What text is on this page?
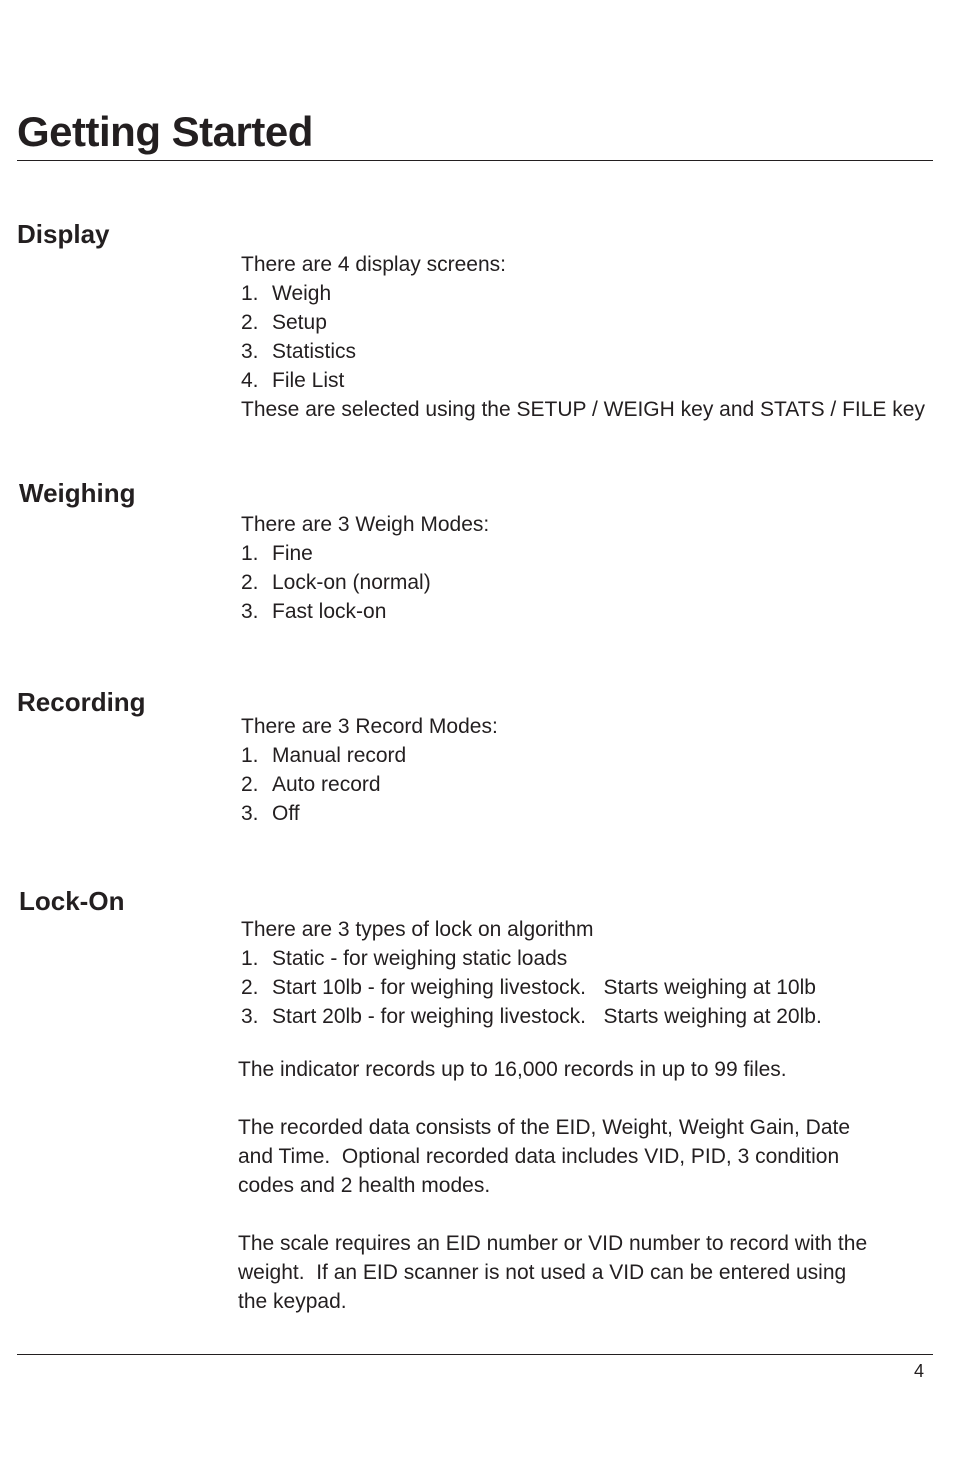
Getting Started
Display
There are 4 display screens:
1. Weigh
2. Setup
3. Statistics
4. File List
These are selected using the SETUP / WEIGH key and STATS / FILE key
Weighing
There are 3 Weigh Modes:
1. Fine
2. Lock-on (normal)
3. Fast lock-on
Recording
There are 3 Record Modes:
1. Manual record
2. Auto record
3. Off
Lock-On
There are 3 types of lock on algorithm
1. Static - for weighing static loads
2. Start 10lb - for weighing livestock.   Starts weighing at 10lb
3. Start 20lb - for weighing livestock.   Starts weighing at 20lb.

The indicator records up to 16,000 records in up to 99 files.

The recorded data consists of the EID, Weight, Weight Gain, Date
and Time.  Optional recorded data includes VID, PID, 3 condition
codes and 2 health modes.

The scale requires an EID number or VID number to record with the
weight.  If an EID scanner is not used a VID can be entered using
the keypad.

4
